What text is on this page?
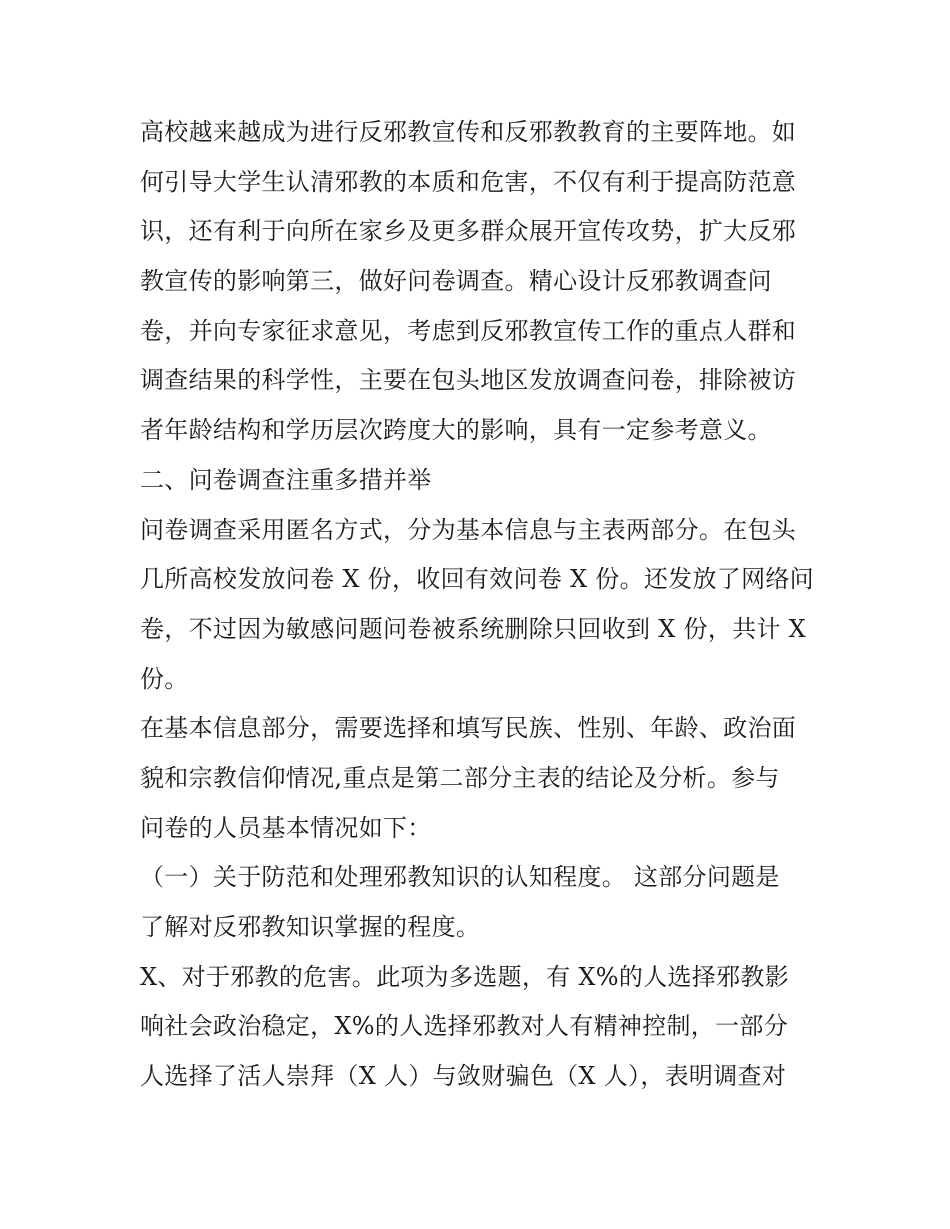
高校越来越成为进行反邪教宣传和反邪教教育的主要阵地。如
何引导大学生认清邪教的本质和危害，不仅有利于提高防范意
识，还有利于向所在家乡及更多群众展开宣传攻势，扩大反邪
教宣传的影响第三，做好问卷调查。精心设计反邪教调查问
卷，并向专家征求意见，考虑到反邪教宣传工作的重点人群和
调查结果的科学性，主要在包头地区发放调查问卷，排除被访
者年龄结构和学历层次跨度大的影响，具有一定参考意义。
二、问卷调查注重多措并举
问卷调查采用匿名方式，分为基本信息与主表两部分。在包头
几所高校发放问卷 X 份，收回有效问卷 X 份。还发放了网络问
卷，不过因为敏感问题问卷被系统删除只回收到 X 份，共计 X
份。
在基本信息部分，需要选择和填写民族、性别、年龄、政治面
貌和宗教信仰情况,重点是第二部分主表的结论及分析。参与
问卷的人员基本情况如下：
（一）关于防范和处理邪教知识的认知程度。 这部分问题是
了解对反邪教知识掌握的程度。
X、对于邪教的危害。此项为多选题，有 X%的人选择邪教影
响社会政治稳定，X%的人选择邪教对人有精神控制，一部分
人选择了活人崇拜（X 人）与敛财骗色（X 人），表明调查对
